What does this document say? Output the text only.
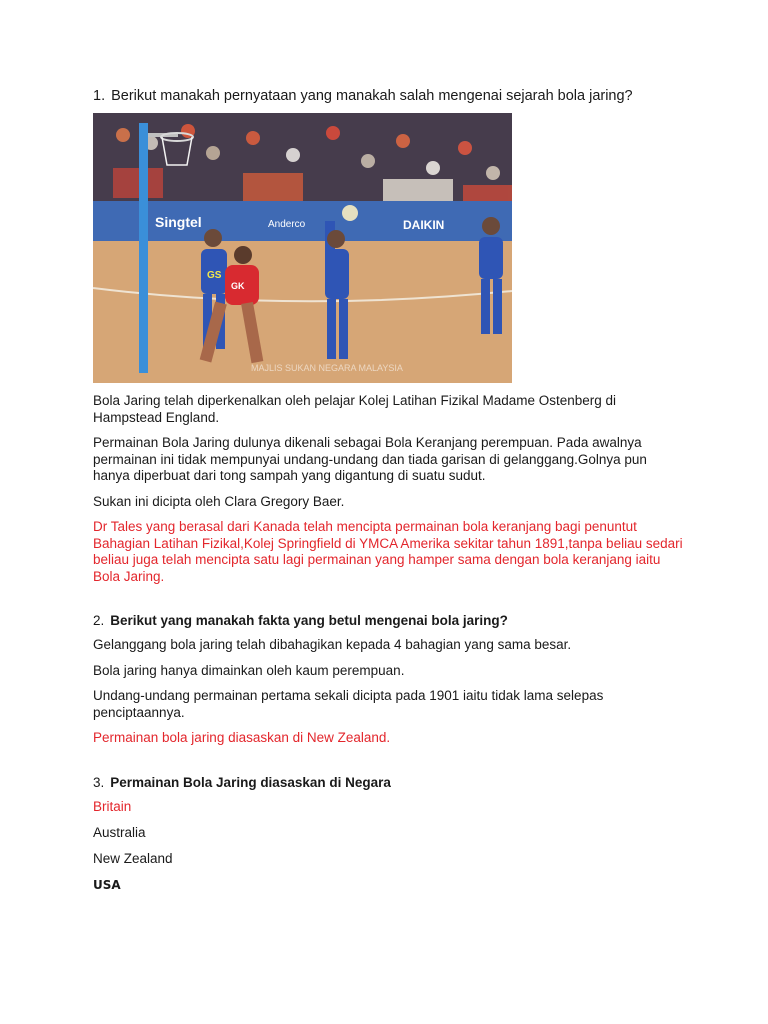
1. Berikut manakah pernyataan yang manakah salah mengenai sejarah bola jaring?

Singtel	Anderco	DAIKIN
GS
GK
MAJLIS SUKAN NEGARA MALAYSIA

Bola Jaring telah diperkenalkan oleh pelajar Kolej Latihan Fizikal Madame Ostenberg di Hampstead England.

Permainan Bola Jaring dulunya dikenali sebagai Bola Keranjang perempuan. Pada awalnya permainan ini tidak mempunyai undang-undang dan tiada garisan di gelanggang.Golnya pun hanya diperbuat dari tong sampah yang digantung di suatu sudut.

Sukan ini dicipta oleh Clara Gregory Baer.

Dr Tales yang berasal dari Kanada telah mencipta permainan bola keranjang bagi penuntut Bahagian Latihan Fizikal,Kolej Springfield di YMCA Amerika sekitar tahun 1891,tanpa beliau sedari beliau juga telah mencipta satu lagi permainan yang hamper sama dengan bola keranjang iaitu Bola Jaring.

2. Berikut yang manakah fakta yang betul mengenai bola jaring?

Gelanggang bola jaring telah dibahagikan kepada 4 bahagian yang sama besar.

Bola jaring hanya dimainkan oleh kaum perempuan.

Undang-undang permainan pertama sekali dicipta pada 1901 iaitu tidak lama selepas penciptaannya.

Permainan bola jaring diasaskan di New Zealand.

3. Permainan Bola Jaring diasaskan di Negara

Britain

Australia

New Zealand

USA
